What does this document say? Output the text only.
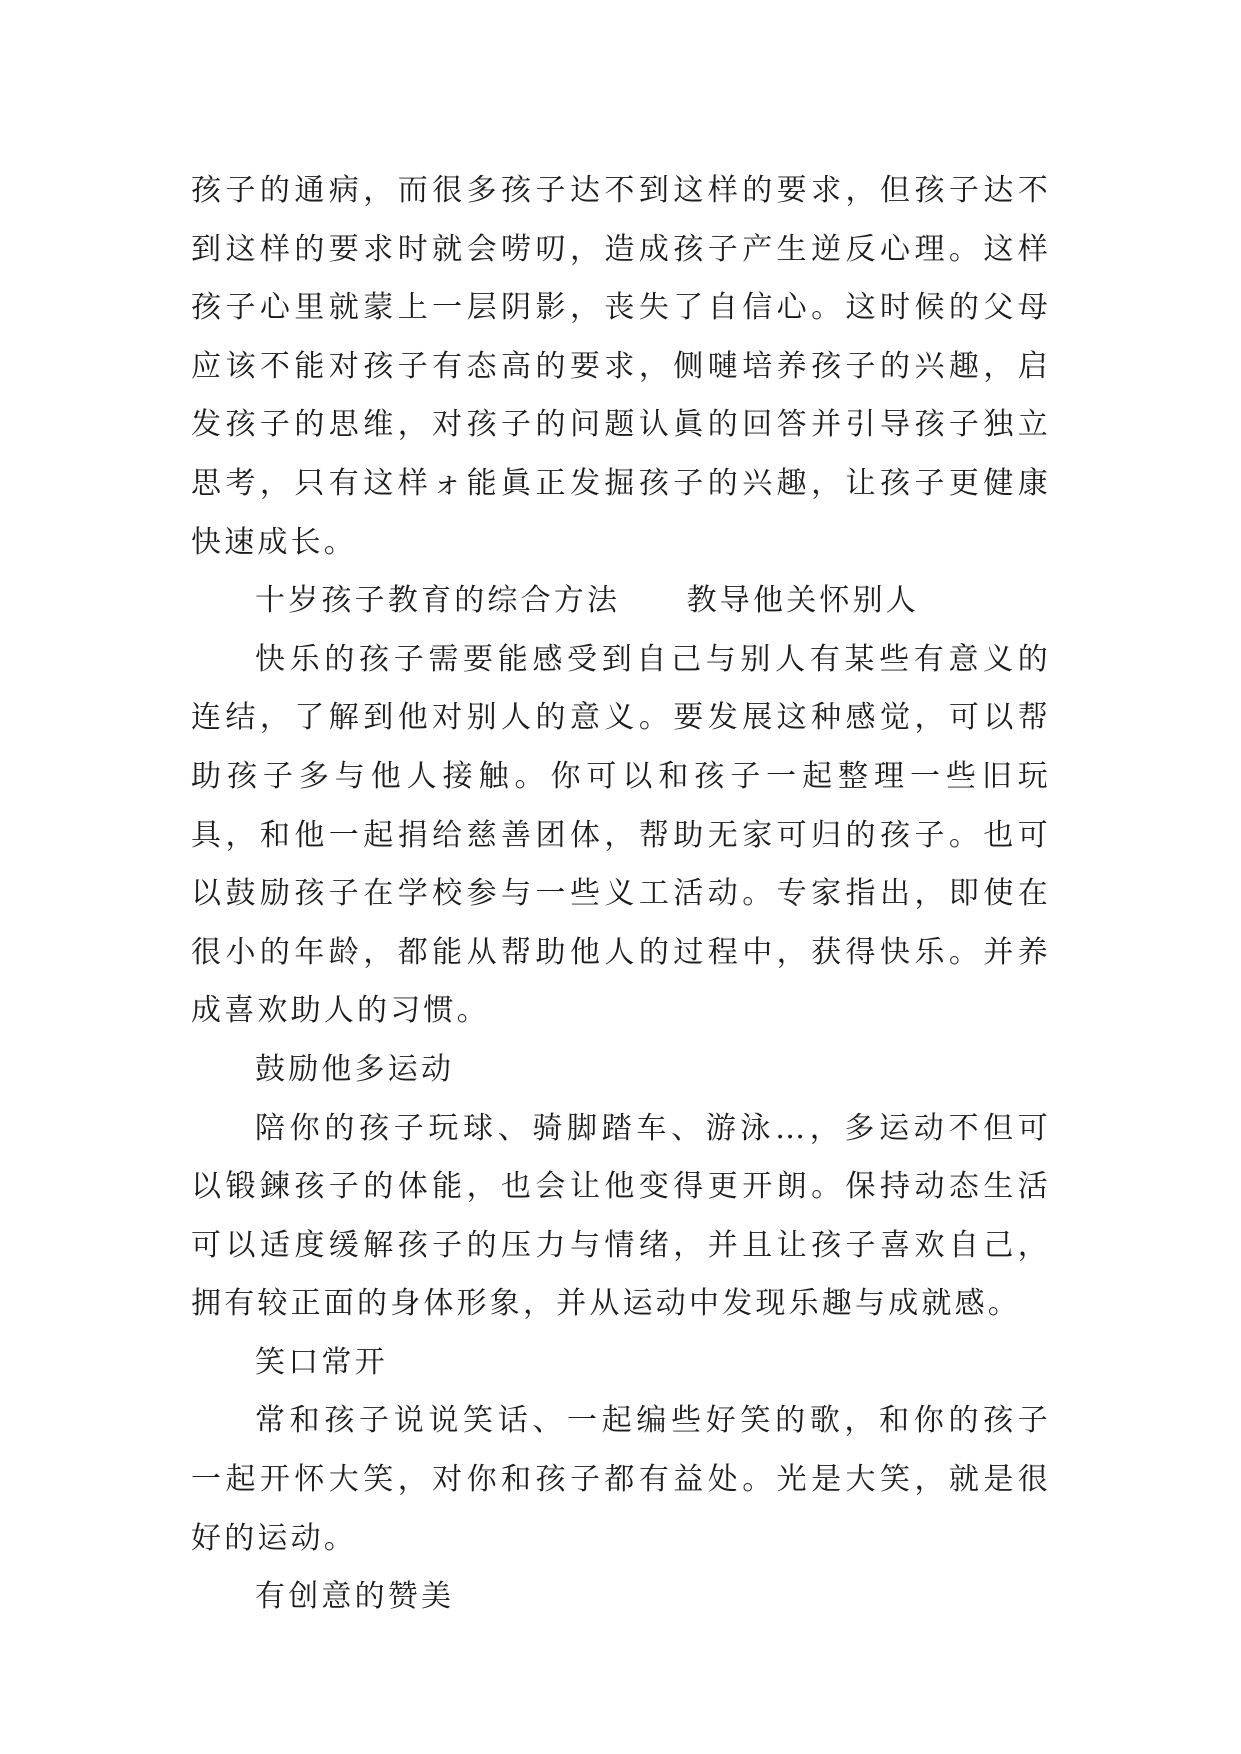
孩子的通病，而很多孩子达不到这样的要求，但孩子达不到这样的要求时就会唠叨，造成孩子产生逆反心理。这样孩子心里就蒙上一层阴影，丧失了自信心。这时候的父母应该不能对孩子有态高的要求，侧嗹培养孩子的兴趣，启发孩子的思维，对孩子的问题认眞的回答并引导孩子独立思考，只有这样ォ能眞正发掘孩子的兴趣，让孩子更健康快速成长。

十岁孩子教育的综合方法　　教导他关怀别人

快乐的孩子需要能感受到自己与别人有某些有意义的连结，了解到他对别人的意义。要发展这种感觉，可以帮助孩子多与他人接触。你可以和孩子一起整理一些旧玩具，和他一起捐给慈善团体，帮助无家可归的孩子。也可以鼓励孩子在学校参与一些义工活动。专家指出，即使在很小的年龄，都能从帮助他人的过程中，获得快乐。并养成喜欢助人的习惯。

鼓励他多运动

陪你的孩子玩球、骑脚踏车、游泳…，多运动不但可以锻鍊孩子的体能，也会让他变得更开朗。保持动态生活可以适度缓解孩子的压力与情绪，并且让孩子喜欢自己，拥有较正面的身体形象，并从运动中发现乐趣与成就感。

笑口常开

常和孩子说说笑话、一起编些好笑的歌，和你的孩子一起开怀大笑，对你和孩子都有益处。光是大笑，就是很好的运动。

有创意的赞美
